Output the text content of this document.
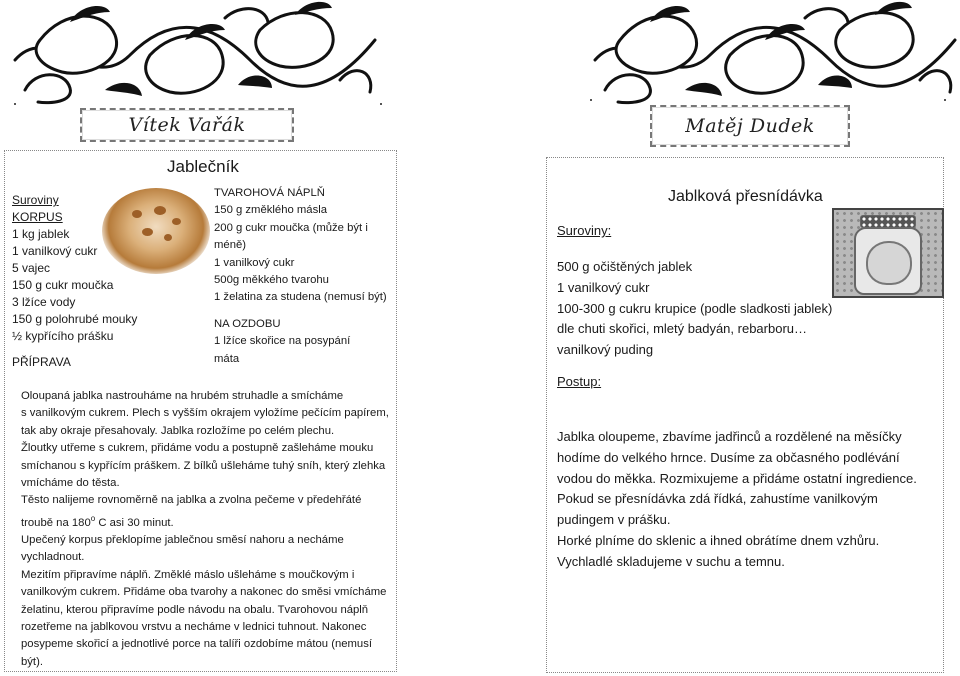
Vítek Vařák
Jablečník
Suroviny
KORPUS
1 kg jablek
1 vanilkový cukr
5 vajec
150 g cukr moučka
3 lžíce vody
150 g polohrubé mouky
½ kypřícího prášku
PŘÍPRAVA
TVAROHOVÁ NÁPLŇ
150 g změklého másla
200 g cukr moučka (může být i
méně)
1 vanilkový cukr
500g měkkého tvarohu
1 želatina za studena (nemusí být)
NA OZDOBU
1 lžíce skořice na posypání
máta
Oloupaná jablka nastrouháme na hrubém struhadle a smícháme
s vanilkovým cukrem. Plech s vyšším okrajem vyložíme pečícím papírem,
tak aby okraje přesahovaly. Jablka rozložíme po celém plechu.
Žloutky utřeme s cukrem, přidáme vodu a postupně zašleháme mouku
smíchanou s kypřícím práškem. Z bílků ušleháme tuhý sníh, který zlehka
vmícháme do těsta.
Těsto nalijeme rovnoměrně na jablka a zvolna pečeme v předehřáté
troubě na 180$^o$ C asi 30 minut.
Upečený korpus překlopíme jablečnou směsí nahoru a necháme
vychladnout.
Mezitím připravíme náplň. Změklé máslo ušleháme s moučkovým i
vanilkovým cukrem. Přidáme oba tvarohy a nakonec do směsi vmícháme
želatinu, kterou připravíme podle návodu na obalu. Tvarohovou náplň
rozetřeme na jablkovou vrstvu a necháme v lednici tuhnout. Nakonec
posypeme skořicí a jednotlivé porce na talíři ozdobíme mátou (nemusí
být).
Matěj Dudek
Jablková přesnídávka
Suroviny:
500 g očištěných jablek
1 vanilkový cukr
100-300 g cukru krupice (podle sladkosti jablek)
dle chuti skořici, mletý badyán, rebarboru…
vanilkový puding
Postup:
Jablka oloupeme, zbavíme jadřinců a rozdělené na měsíčky
hodíme do velkého hrnce. Dusíme za občasného podlévání
vodou do měkka. Rozmixujeme a přidáme ostatní ingredience.
Pokud se přesnídávka zdá řídká, zahustíme vanilkovým
pudingem v prášku.
Horké plníme do sklenic a ihned obrátíme dnem vzhůru.
Vychladlé skladujeme v suchu a temnu.
